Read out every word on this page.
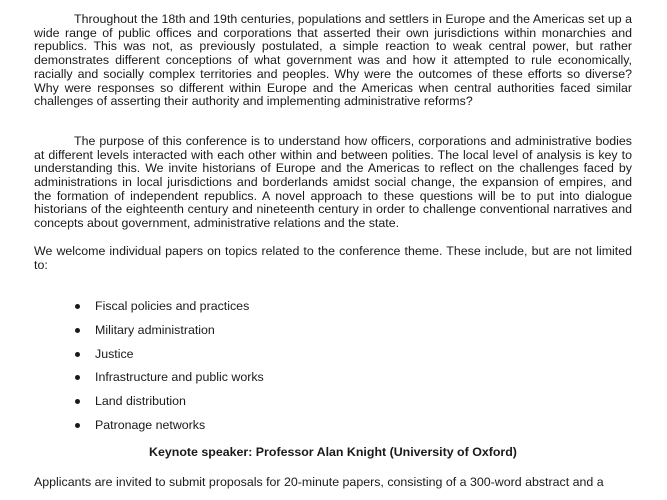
Throughout the 18th and 19th centuries, populations and settlers in Europe and the Americas set up a wide range of public offices and corporations that asserted their own jurisdictions within monarchies and republics. This was not, as previously postulated, a simple reaction to weak central power, but rather demonstrates different conceptions of what government was and how it attempted to rule economically, racially and socially complex territories and peoples. Why were the outcomes of these efforts so diverse? Why were responses so different within Europe and the Americas when central authorities faced similar challenges of asserting their authority and implementing administrative reforms?

The purpose of this conference is to understand how officers, corporations and administrative bodies at different levels interacted with each other within and between polities. The local level of analysis is key to understanding this. We invite historians of Europe and the Americas to reflect on the challenges faced by administrations in local jurisdictions and borderlands amidst social change, the expansion of empires, and the formation of independent republics. A novel approach to these questions will be to put into dialogue historians of the eighteenth century and nineteenth century in order to challenge conventional narratives and concepts about government, administrative relations and the state.

We welcome individual papers on topics related to the conference theme. These include, but are not limited to:

Fiscal policies and practices
Military administration
Justice
Infrastructure and public works
Land distribution
Patronage networks
Keynote speaker: Professor Alan Knight (University of Oxford)

Applicants are invited to submit proposals for 20-minute papers, consisting of a 300-word abstract and a
